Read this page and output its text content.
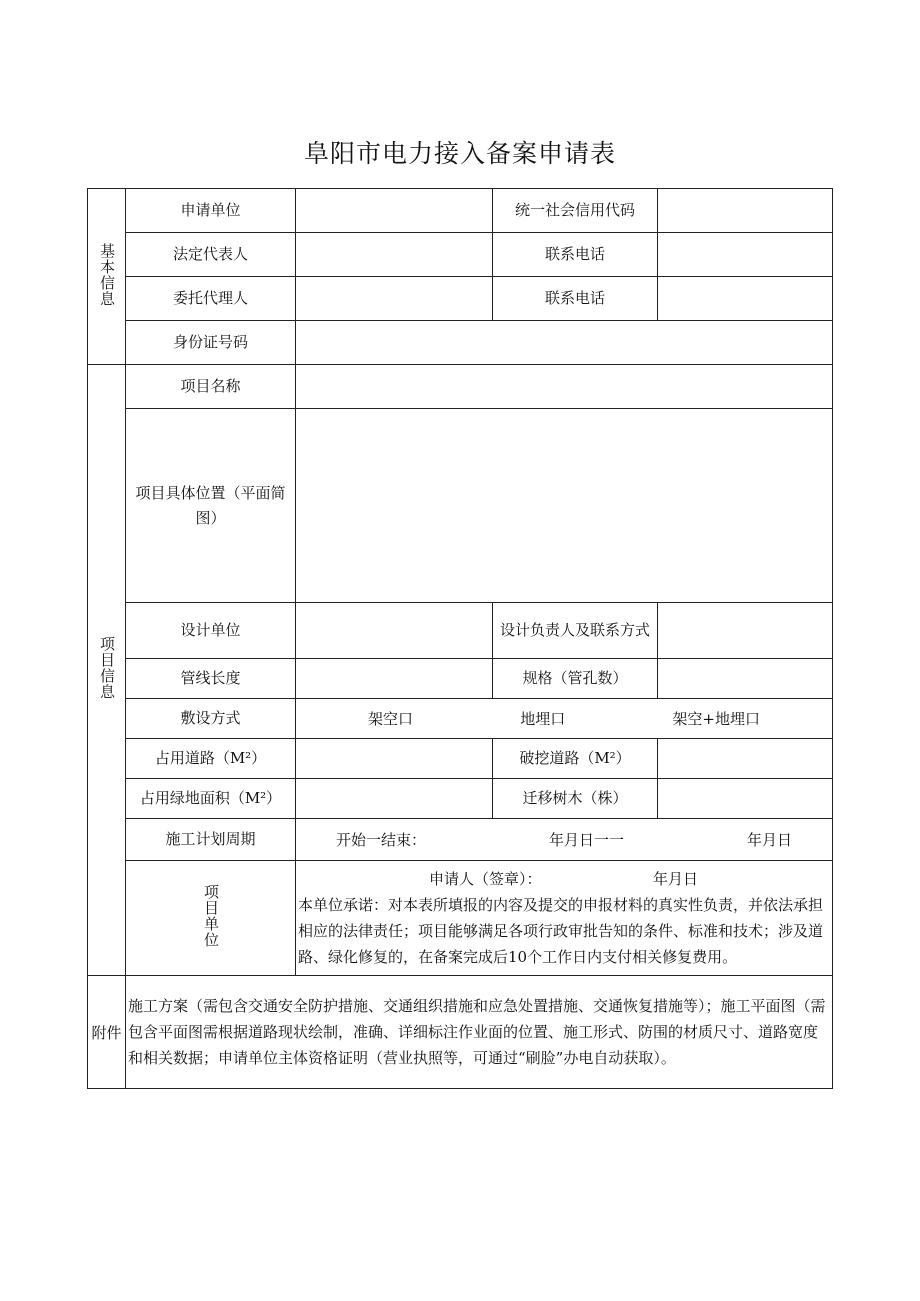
阜阳市电力接入备案申请表
基本信息	申请单位		统一社会信用代码	
	法定代表人		联系电话	
	委托代理人		联系电话	
	身份证号码			
项目信息	项目名称			
	项目具体位置（平面简图）			
	设计单位		设计负责人及联系方式	
	管线长度		规格（管孔数）	
	敷设方式	架空口 地埋口 架空+地埋口		

	占用道路（M²）		破挖道路（M²）	
	占用绿地面积（M²）		迁移树木（株）	
	施工计划周期	开始一结束： 年月日一一 年月日		

	项目单位	申请人（签章）： 年月日
本单位承诺：对本表所填报的内容及提交的申报材料的真实性负责，并依法承担相应的法律责任；项目能够满足各项行政审批告知的条件、标准和技术；涉及道路、绿化修复的，在备案完成后10个工作日内支付相关修复费用。		

附件	施工方案（需包含交通安全防护措施、交通组织措施和应急处置措施、交通恢复措施等）；施工平面图（需包含平面图需根据道路现状绘制，准确、详细标注作业面的位置、施工形式、防围的材质尺寸、道路宽度和相关数据；申请单位主体资格证明（营业执照等，可通过“刷脸”办电自动获取）。			
